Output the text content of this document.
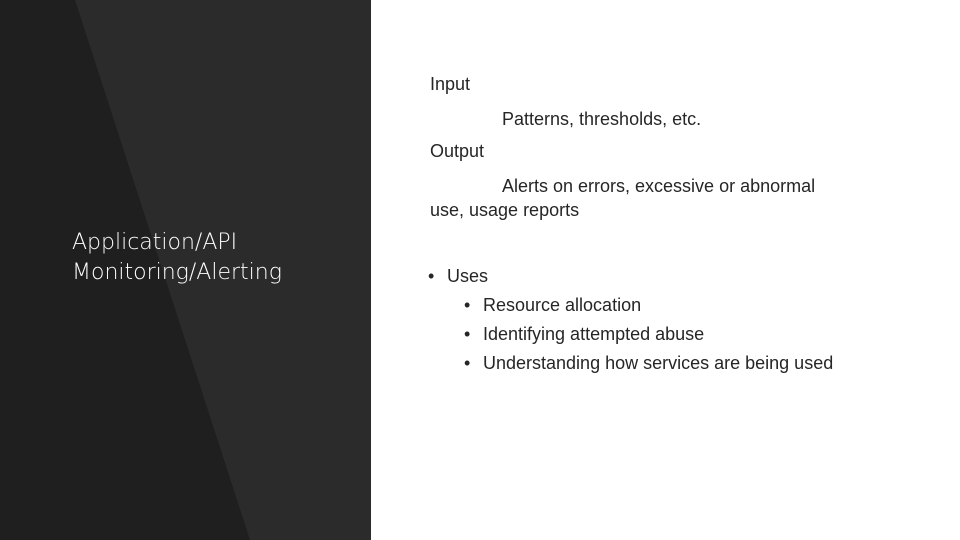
Application/API
Monitoring/Alerting
Input
Patterns, thresholds, etc.
Output
Alerts on errors, excessive or abnormal
use, usage reports
• Uses
• Resource allocation
• Identifying attempted abuse
• Understanding how services are being used
